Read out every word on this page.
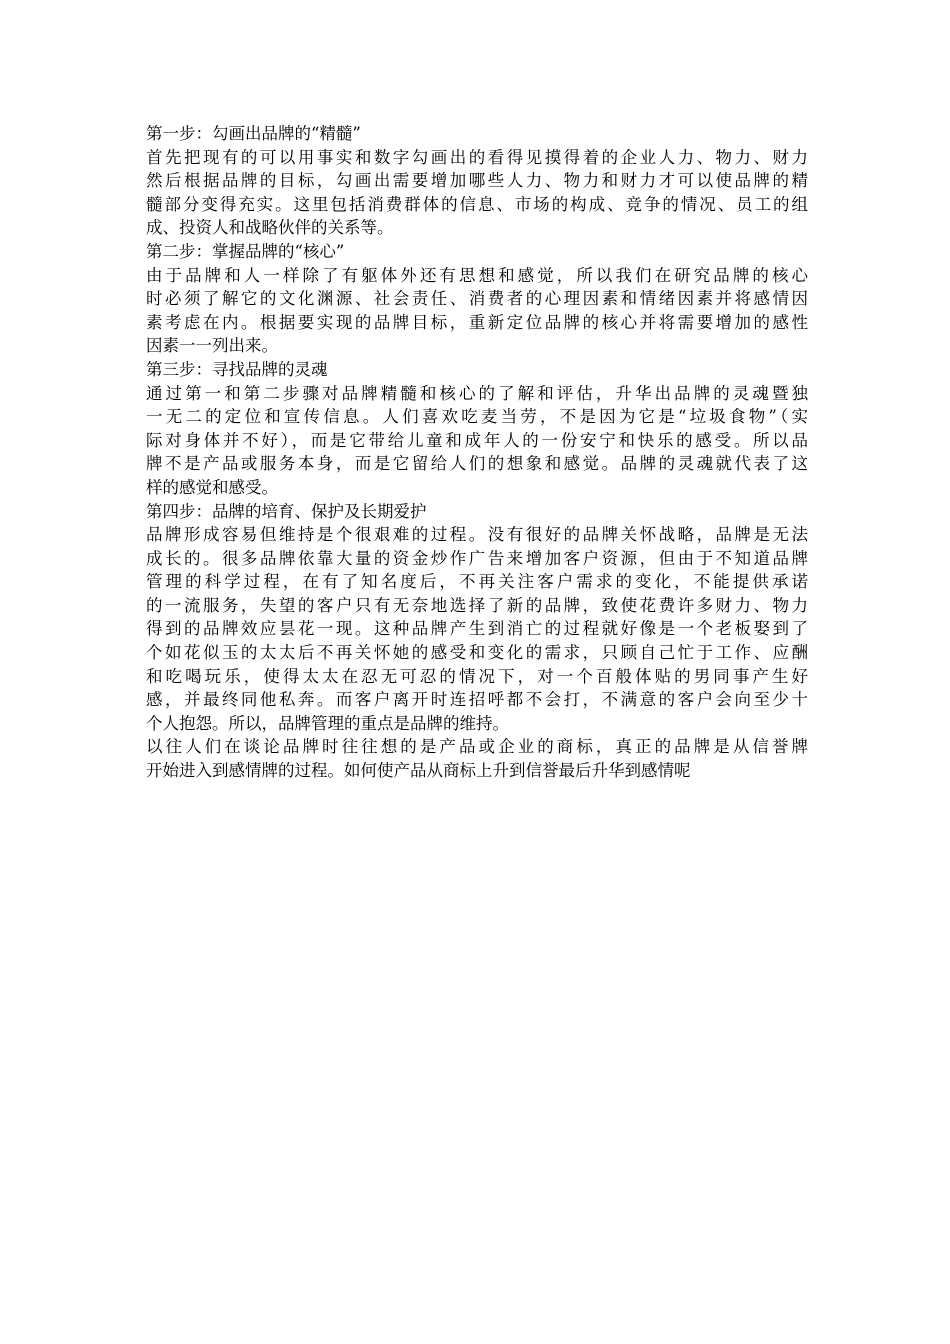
第一步：勾画出品牌的“精髓”
首先把现有的可以用事实和数字勾画出的看得见摸得着的企业人力、物力、财力
然后根据品牌的目标，勾画出需要增加哪些人力、物力和财力才可以使品牌的精
髓部分变得充实。这里包括消费群体的信息、市场的构成、竞争的情况、员工的组
成、投资人和战略伙伴的关系等。
第二步：掌握品牌的“核心”
由于品牌和人一样除了有躯体外还有思想和感觉，所以我们在研究品牌的核心
时必须了解它的文化渊源、社会责任、消费者的心理因素和情绪因素并将感情因
素考虑在内。根据要实现的品牌目标，重新定位品牌的核心并将需要增加的感性
因素一一列出来。
第三步：寻找品牌的灵魂
通过第一和第二步骤对品牌精髓和核心的了解和评估，升华出品牌的灵魂暨独
一无二的定位和宣传信息。人们喜欢吃麦当劳，不是因为它是“垃圾食物”（实
际对身体并不好），而是它带给儿童和成年人的一份安宁和快乐的感受。所以品
牌不是产品或服务本身，而是它留给人们的想象和感觉。品牌的灵魂就代表了这
样的感觉和感受。
第四步：品牌的培育、保护及长期爱护
品牌形成容易但维持是个很艰难的过程。没有很好的品牌关怀战略，品牌是无法
成长的。很多品牌依靠大量的资金炒作广告来增加客户资源，但由于不知道品牌
管理的科学过程，在有了知名度后，不再关注客户需求的变化，不能提供承诺
的一流服务，失望的客户只有无奈地选择了新的品牌，致使花费许多财力、物力
得到的品牌效应昙花一现。这种品牌产生到消亡的过程就好像是一个老板娶到了
个如花似玉的太太后不再关怀她的感受和变化的需求，只顾自己忙于工作、应酬
和吃喝玩乐，使得太太在忍无可忍的情况下，对一个百般体贴的男同事产生好
感，并最终同他私奔。而客户离开时连招呼都不会打，不满意的客户会向至少十
个人抱怨。所以，品牌管理的重点是品牌的维持。
以往人们在谈论品牌时往往想的是产品或企业的商标，真正的品牌是从信誉牌
开始进入到感情牌的过程。如何使产品从商标上升到信誉最后升华到感情呢
